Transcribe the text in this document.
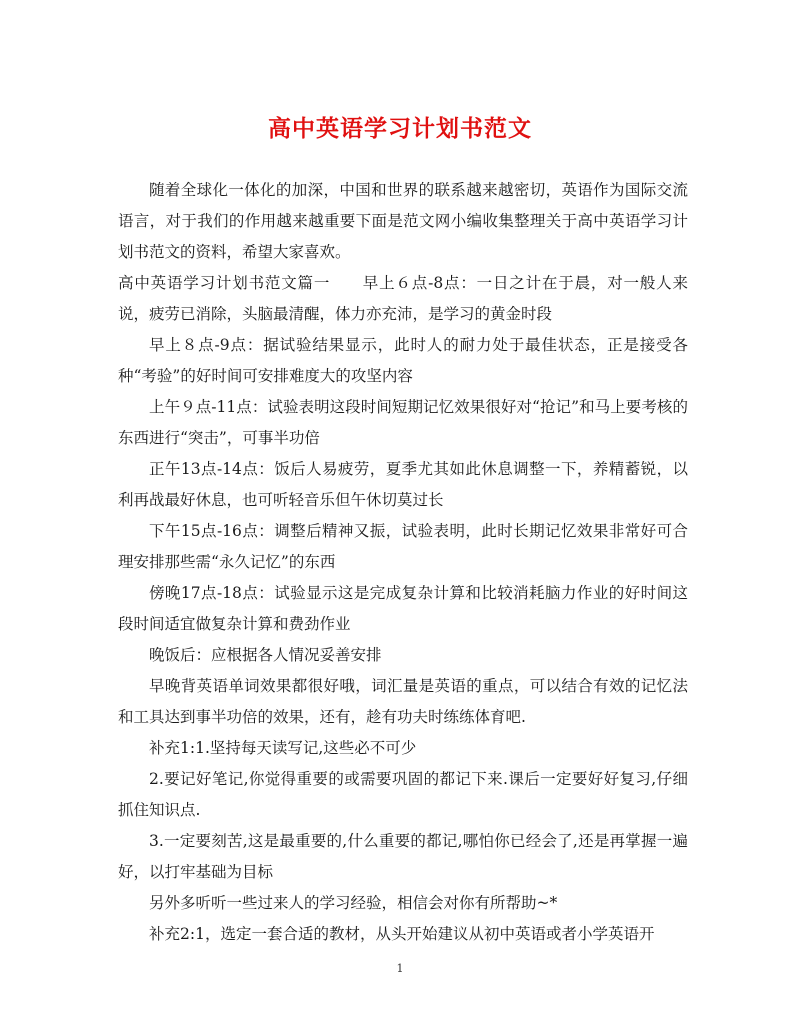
高中英语学习计划书范文

随着全球化一体化的加深，中国和世界的联系越来越密切，英语作为国际交流语言，对于我们的作用越来越重要下面是范文网小编收集整理关于高中英语学习计划书范文的资料，希望大家喜欢。

高中英语学习计划书范文篇一　　早上６点-8点：一日之计在于晨，对一般人来说，疲劳已消除，头脑最清醒，体力亦充沛，是学习的黄金时段

早上８点-9点：据试验结果显示，此时人的耐力处于最佳状态，正是接受各种“考验”的好时间可安排难度大的攻坚内容

上午９点-11点：试验表明这段时间短期记忆效果很好对“抢记”和马上要考核的东西进行“突击”，可事半功倍

正午13点-14点：饭后人易疲劳，夏季尤其如此休息调整一下，养精蓄锐，以利再战最好休息，也可听轻音乐但午休切莫过长

下午15点-16点：调整后精神又振，试验表明，此时长期记忆效果非常好可合理安排那些需“永久记忆”的东西

傍晚17点-18点：试验显示这是完成复杂计算和比较消耗脑力作业的好时间这段时间适宜做复杂计算和费劲作业

晚饭后：应根据各人情况妥善安排

早晚背英语单词效果都很好哦，词汇量是英语的重点，可以结合有效的记忆法和工具达到事半功倍的效果，还有，趁有功夫时练练体育吧.

补充1:1.坚持每天读写记,这些必不可少

2.要记好笔记,你觉得重要的或需要巩固的都记下来.课后一定要好好复习,仔细抓住知识点.

3.一定要刻苦,这是最重要的,什么重要的都记,哪怕你已经会了,还是再掌握一遍好，以打牢基础为目标

另外多听听一些过来人的学习经验，相信会对你有所帮助~*

补充2:1，选定一套合适的教材，从头开始建议从初中英语或者小学英语开

1
